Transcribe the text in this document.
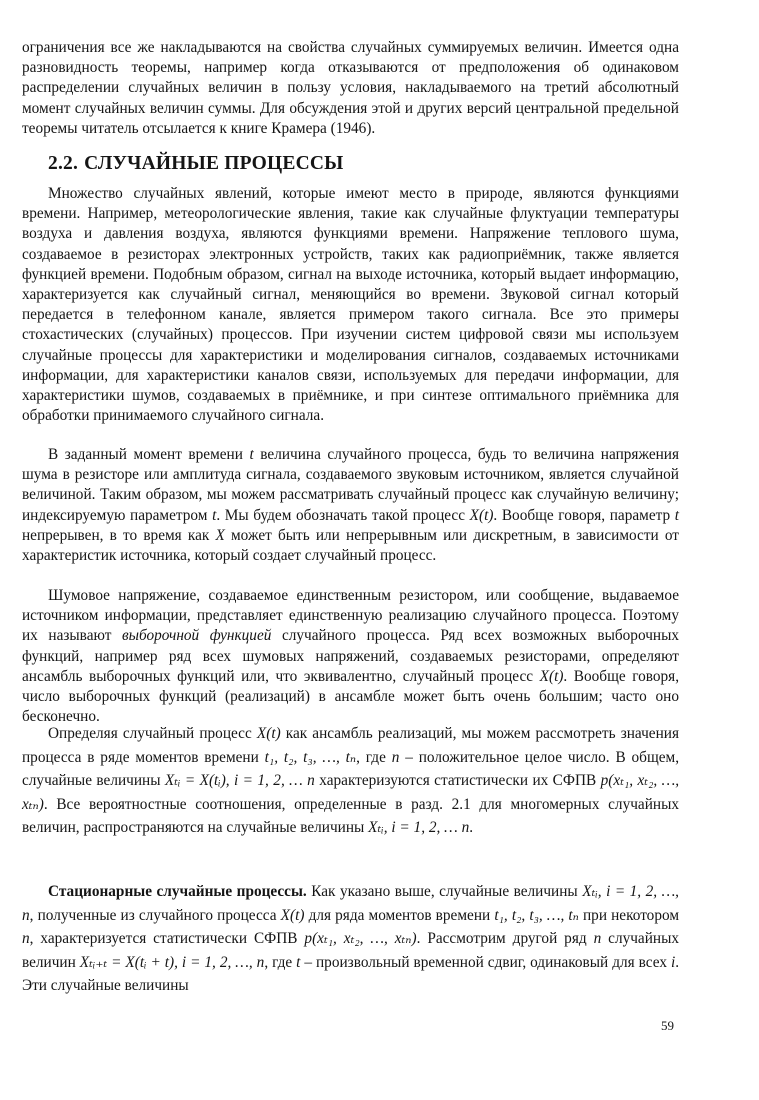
ограничения все же накладываются на свойства случайных суммируемых величин. Имеется одна разновидность теоремы, например когда отказываются от предположения об одинаковом распределении случайных величин в пользу условия, накладываемого на третий абсолютный момент случайных величин суммы. Для обсуждения этой и других версий центральной предельной теоремы читатель отсылается к книге Крамера (1946).

2.2. СЛУЧАЙНЫЕ ПРОЦЕССЫ

Множество случайных явлений, которые имеют место в природе, являются функциями времени. Например, метеорологические явления, такие как случайные флуктуации температуры воздуха и давления воздуха, являются функциями времени. Напряжение теплового шума, создаваемое в резисторах электронных устройств, таких как радиоприёмник, также является функцией времени. Подобным образом, сигнал на выходе источника, который выдает информацию, характеризуется как случайный сигнал, меняющийся во времени. Звуковой сигнал который передается в телефонном канале, является примером такого сигнала. Все это примеры стохастических (случайных) процессов. При изучении систем цифровой связи мы используем случайные процессы для характеристики и моделирования сигналов, создаваемых источниками информации, для характеристики каналов связи, используемых для передачи информации, для характеристики шумов, создаваемых в приёмнике, и при синтезе оптимального приёмника для обработки принимаемого случайного сигнала.

В заданный момент времени t величина случайного процесса, будь то величина напряжения шума в резисторе или амплитуда сигнала, создаваемого звуковым источником, является случайной величиной. Таким образом, мы можем рассматривать случайный процесс как случайную величину; индексируемую параметром t. Мы будем обозначать такой процесс X(t). Вообще говоря, параметр t непрерывен, в то время как X может быть или непрерывным или дискретным, в зависимости от характеристик источника, который создает случайный процесс.

Шумовое напряжение, создаваемое единственным резистором, или сообщение, выдаваемое источником информации, представляет единственную реализацию случайного процесса. Поэтому их называют выборочной функцией случайного процесса. Ряд всех возможных выборочных функций, например ряд всех шумовых напряжений, создаваемых резисторами, определяют ансамбль выборочных функций или, что эквивалентно, случайный процесс X(t). Вообще говоря, число выборочных функций (реализаций) в ансамбле может быть очень большим; часто оно бесконечно.

Определяя случайный процесс X(t) как ансамбль реализаций, мы можем рассмотреть значения процесса в ряде моментов времени t₁, t₂, t₃, …, tₙ, где n – положительное целое число. В общем, случайные величины Xₜᵢ = X(tᵢ), i = 1, 2, … n характеризуются статистически их СФПВ p(xₜ₁, xₜ₂, …, xₜₙ). Все вероятностные соотношения, определенные в разд. 2.1 для многомерных случайных величин, распространяются на случайные величины Xₜᵢ, i = 1, 2, … n.

Стационарные случайные процессы. Как указано выше, случайные величины Xₜᵢ, i = 1, 2, …, n, полученные из случайного процесса X(t) для ряда моментов времени t₁, t₂, t₃, …, tₙ при некотором n, характеризуется статистически СФПВ p(xₜ₁, xₜ₂, …, xₜₙ). Рассмотрим другой ряд n случайных величин Xₜᵢ₊ₜ = X(tᵢ + t), i = 1, 2, …, n, где t – произвольный временной сдвиг, одинаковый для всех i. Эти случайные величины

59
